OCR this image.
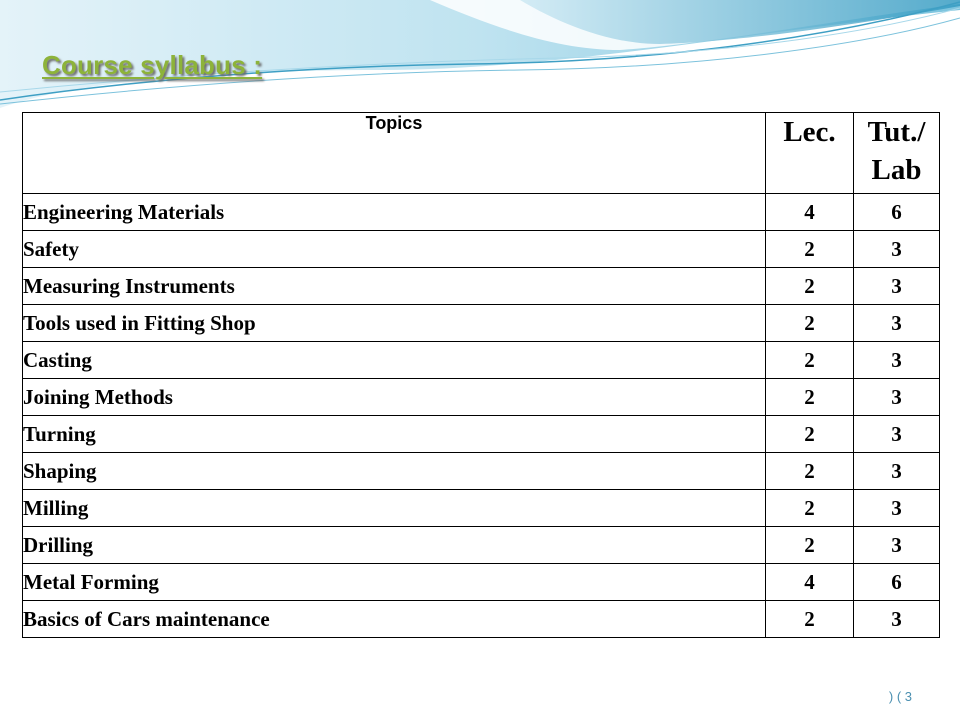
Course syllabus :
Topics	Lec.	Tut./ Lab
Engineering Materials	4	6
Safety	2	3
Measuring Instruments	2	3
Tools used in Fitting Shop	2	3
Casting	2	3
Joining Methods	2	3
Turning	2	3
Shaping	2	3
Milling	2	3
Drilling	2	3
Metal Forming	4	6
Basics of Cars maintenance	2	3
) ( 3
